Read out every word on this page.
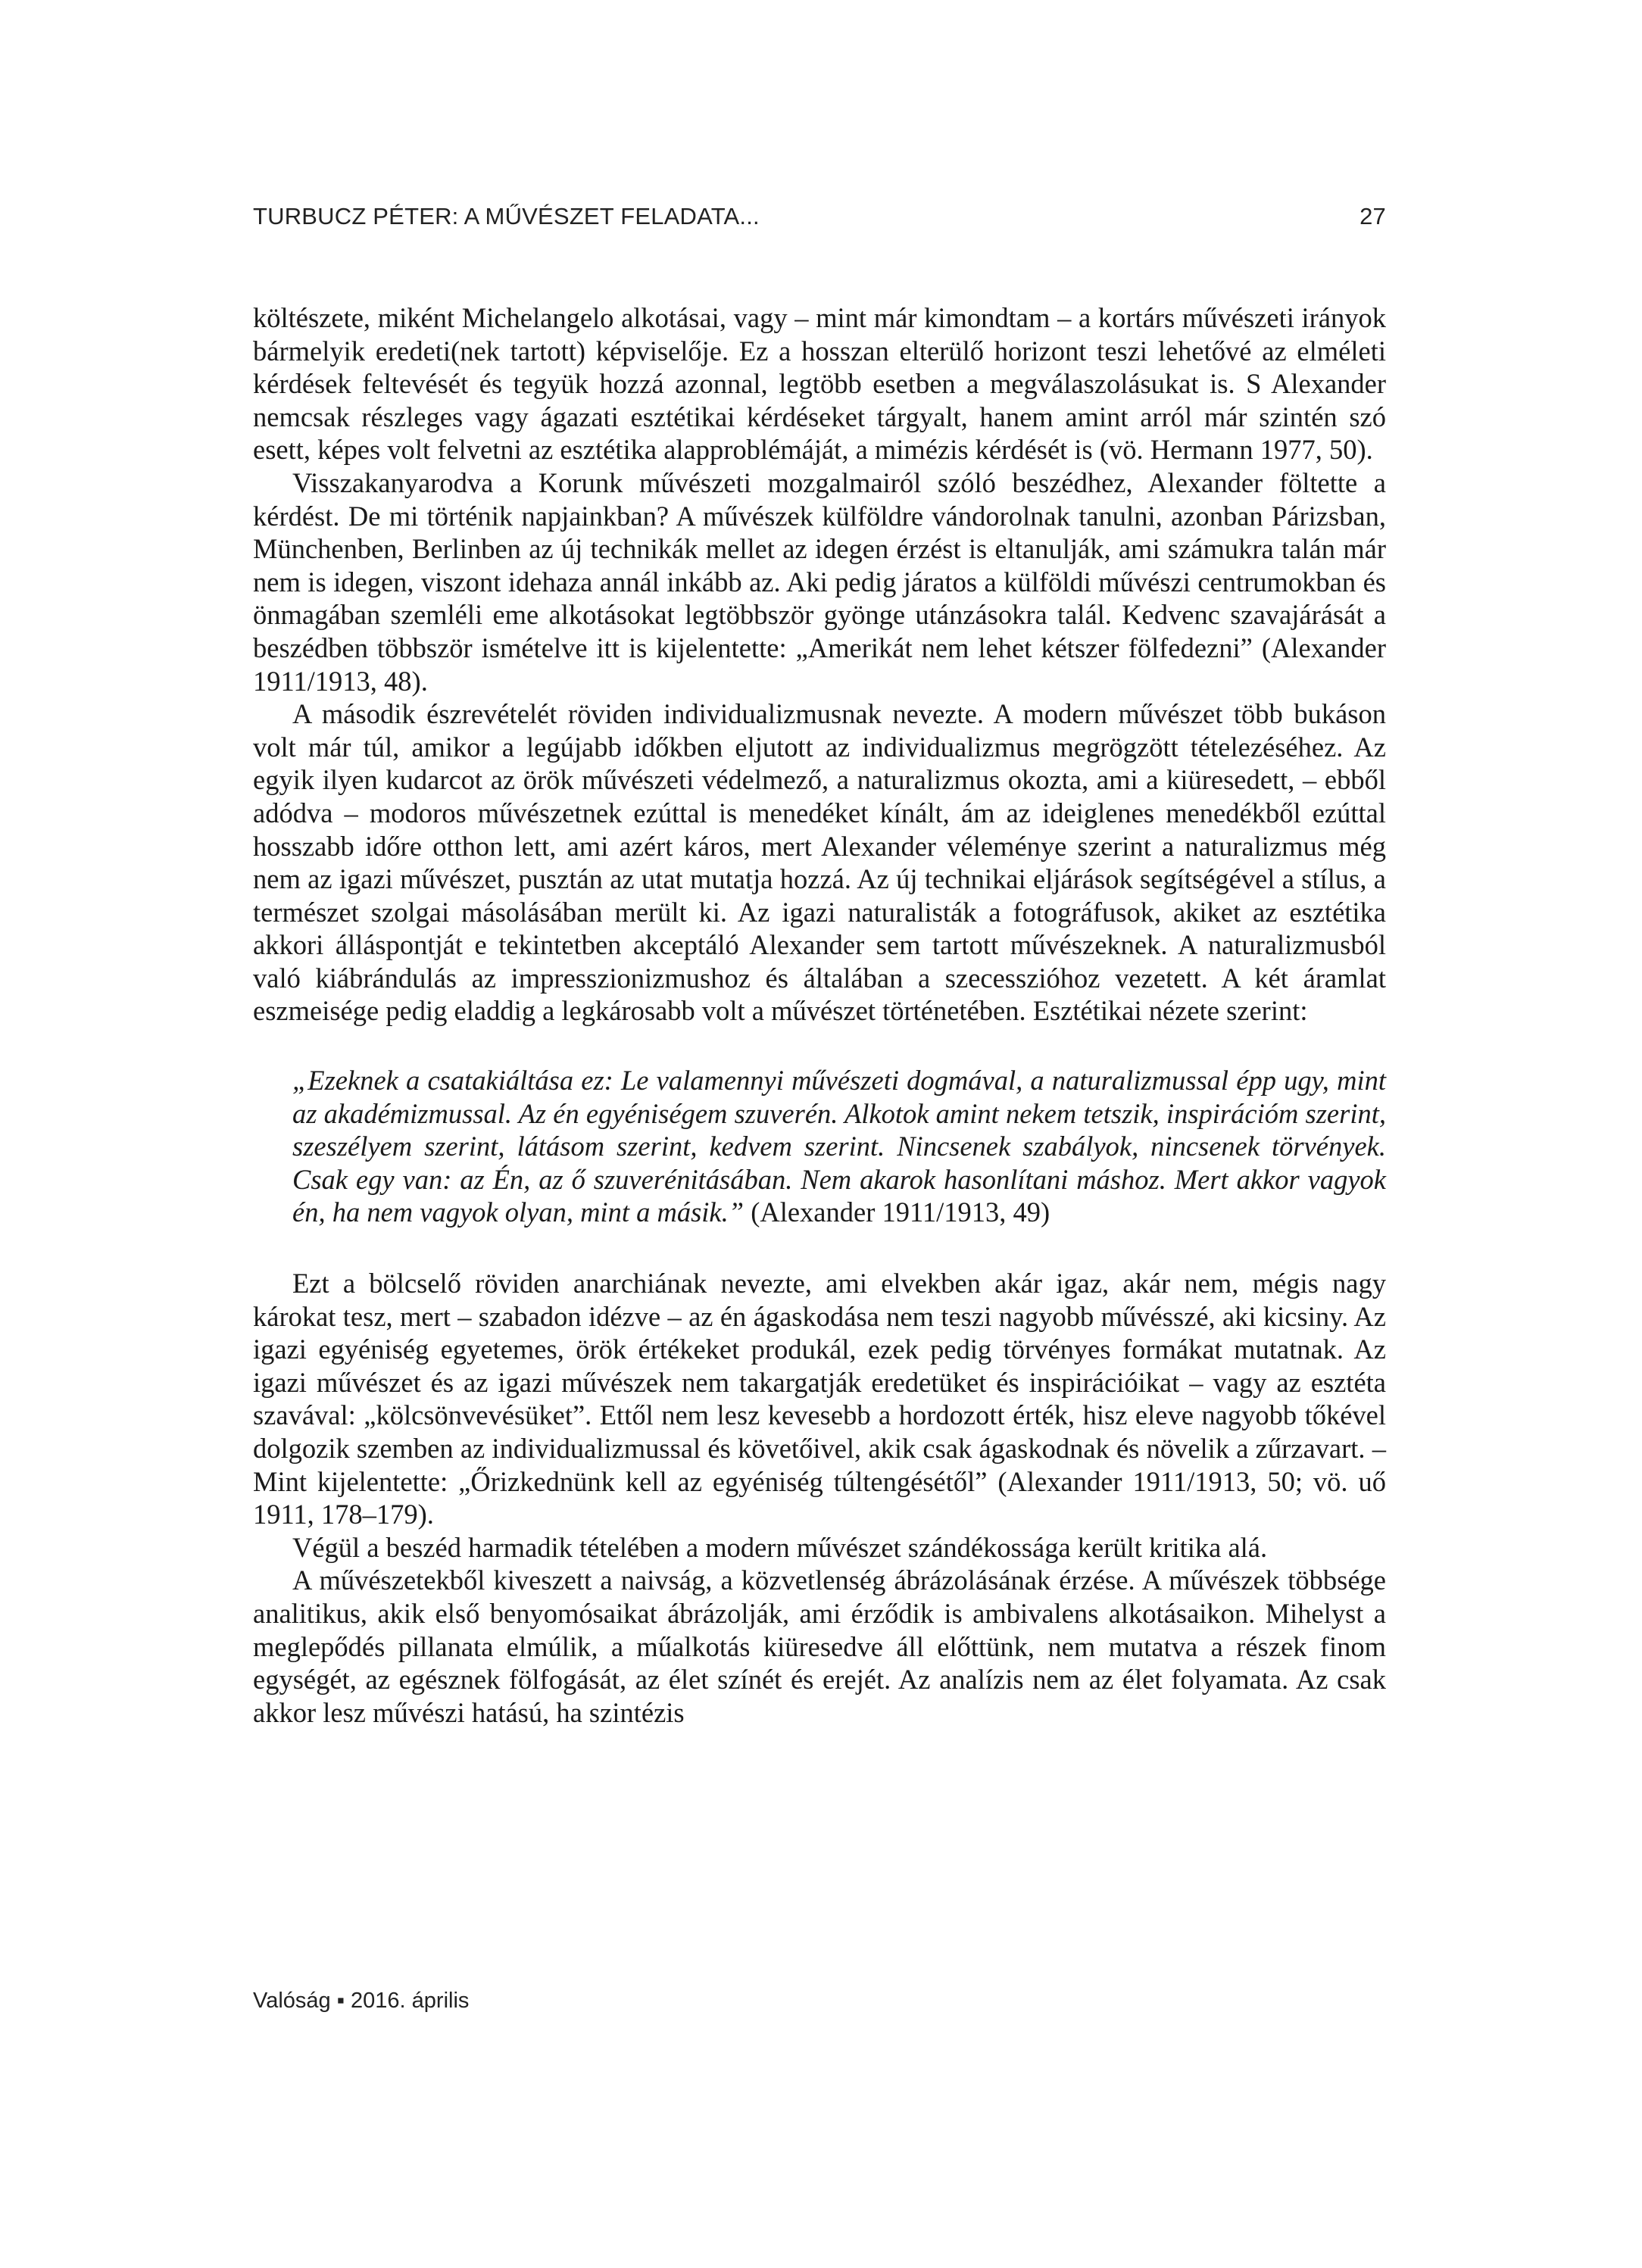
TURBUCZ PÉTER: A MŰVÉSZET FELADATA...	27

költészete, miként Michelangelo alkotásai, vagy – mint már kimondtam – a kortárs művészeti irányok bármelyik eredeti(nek tartott) képviselője. Ez a hosszan elterülő horizont teszi lehetővé az elméleti kérdések feltevését és tegyük hozzá azonnal, legtöbb esetben a megválaszolásukat is. S Alexander nemcsak részleges vagy ágazati esztétikai kérdéseket tárgyalt, hanem amint arról már szintén szó esett, képes volt felvetni az esztétika alapproblémáját, a mimézis kérdését is (vö. Hermann 1977, 50).

Visszakanyarodva a Korunk művészeti mozgalmairól szóló beszédhez, Alexander föltette a kérdést. De mi történik napjainkban? A művészek külföldre vándorolnak tanulni, azonban Párizsban, Münchenben, Berlinben az új technikák mellet az idegen érzést is eltanulják, ami számukra talán már nem is idegen, viszont idehaza annál inkább az. Aki pedig járatos a külföldi művészi centrumokban és önmagában szemléli eme alkotásokat legtöbbször gyönge utánzásokra talál. Kedvenc szavajárását a beszédben többször ismételve itt is kijelentette: „Amerikát nem lehet kétszer fölfedezni” (Alexander 1911/1913, 48).

A második észrevételét röviden individualizmusnak nevezte. A modern művészet több bukáson volt már túl, amikor a legújabb időkben eljutott az individualizmus megrögzött tételezéséhez. Az egyik ilyen kudarcot az örök művészeti védelmező, a naturalizmus okozta, ami a kiüresedett, – ebből adódva – modoros művészetnek ezúttal is menedéket kínált, ám az ideiglenes menedékből ezúttal hosszabb időre otthon lett, ami azért káros, mert Alexander véleménye szerint a naturalizmus még nem az igazi művészet, pusztán az utat mutatja hozzá. Az új technikai eljárások segítségével a stílus, a természet szolgai másolásában merült ki. Az igazi naturalisták a fotográfusok, akiket az esztétika akkori álláspontját e tekintetben akceptáló Alexander sem tartott művészeknek. A naturalizmusból való kiábrándulás az impresszionizmushoz és általában a szecesszióhoz vezetett. A két áramlat eszmeisége pedig eladdig a legkárosabb volt a művészet történetében. Esztétikai nézete szerint:

„Ezeknek a csatakiáltása ez: Le valamennyi művészeti dogmával, a naturalizmussal épp ugy, mint az akadémizmussal. Az én egyéniségem szuverén. Alkotok amint nekem tetszik, inspirációm szerint, szeszélyem szerint, látásom szerint, kedvem szerint. Nincsenek szabályok, nincsenek törvények. Csak egy van: az Én, az ő szuverénitásában. Nem akarok hasonlítani máshoz. Mert akkor vagyok én, ha nem vagyok olyan, mint a másik.” (Alexander 1911/1913, 49)

Ezt a bölcselő röviden anarchiának nevezte, ami elvekben akár igaz, akár nem, mégis nagy károkat tesz, mert – szabadon idézve – az én ágaskodása nem teszi nagyobb művésszé, aki kicsiny. Az igazi egyéniség egyetemes, örök értékeket produkál, ezek pedig törvényes formákat mutatnak. Az igazi művészet és az igazi művészek nem takargatják eredetüket és inspirációikat – vagy az esztéta szavával: „kölcsönvevésüket”. Ettől nem lesz kevesebb a hordozott érték, hisz eleve nagyobb tőkével dolgozik szemben az individualizmussal és követőivel, akik csak ágaskodnak és növelik a zűrzavart. – Mint kijelentette: „Őrizkednünk kell az egyéniség túltengésétől” (Alexander 1911/1913, 50; vö. uő 1911, 178–179).

Végül a beszéd harmadik tételében a modern művészet szándékossága került kritika alá.

A művészetekből kiveszett a naivság, a közvetlenség ábrázolásának érzése. A művészek többsége analitikus, akik első benyomósaikat ábrázolják, ami érződik is ambivalens alkotásaikon. Mihelyst a meglepődés pillanata elmúlik, a műalkotás kiüresedve áll előttünk, nem mutatva a részek finom egységét, az egésznek fölfogását, az élet színét és erejét. Az analízis nem az élet folyamata. Az csak akkor lesz művészi hatású, ha szintézis

Valóság ▪ 2016. április
